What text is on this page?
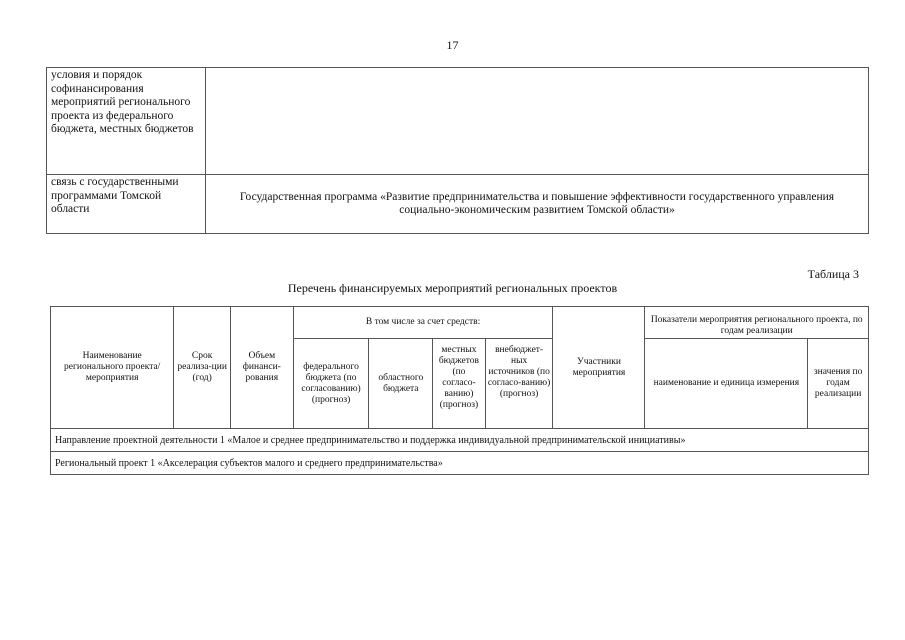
17
условия и порядок софинансирования мероприятий регионального проекта из федерального бюджета, местных бюджетов	
связь с государственными программами Томской области	Государственная программа «Развитие предпринимательства и повышение эффективности государственного управления социально-экономическим развитием Томской области»
Таблица 3
Перечень финансируемых мероприятий региональных проектов
Наименование регионального проекта/мероприятия	Срок реализа-ции (год)	Объем финанси-рования	В том числе за счет средств:				Участники мероприятия	Показатели мероприятия регионального проекта, по годам реализации	
			федерального бюджета (по согласованию) (прогноз)	областного бюджета	местных бюджетов (по согласо-ванию) (прогноз)	внебюджет-ных источников (по согласо-ванию) (прогноз)		наименование и единица измерения	значения по годам реализации
Направление проектной деятельности 1 «Малое и среднее предпринимательство и поддержка индивидуальной предпринимательской инициативы»									
Региональный проект 1 «Акселерация субъектов малого и среднего предпринимательства»									
